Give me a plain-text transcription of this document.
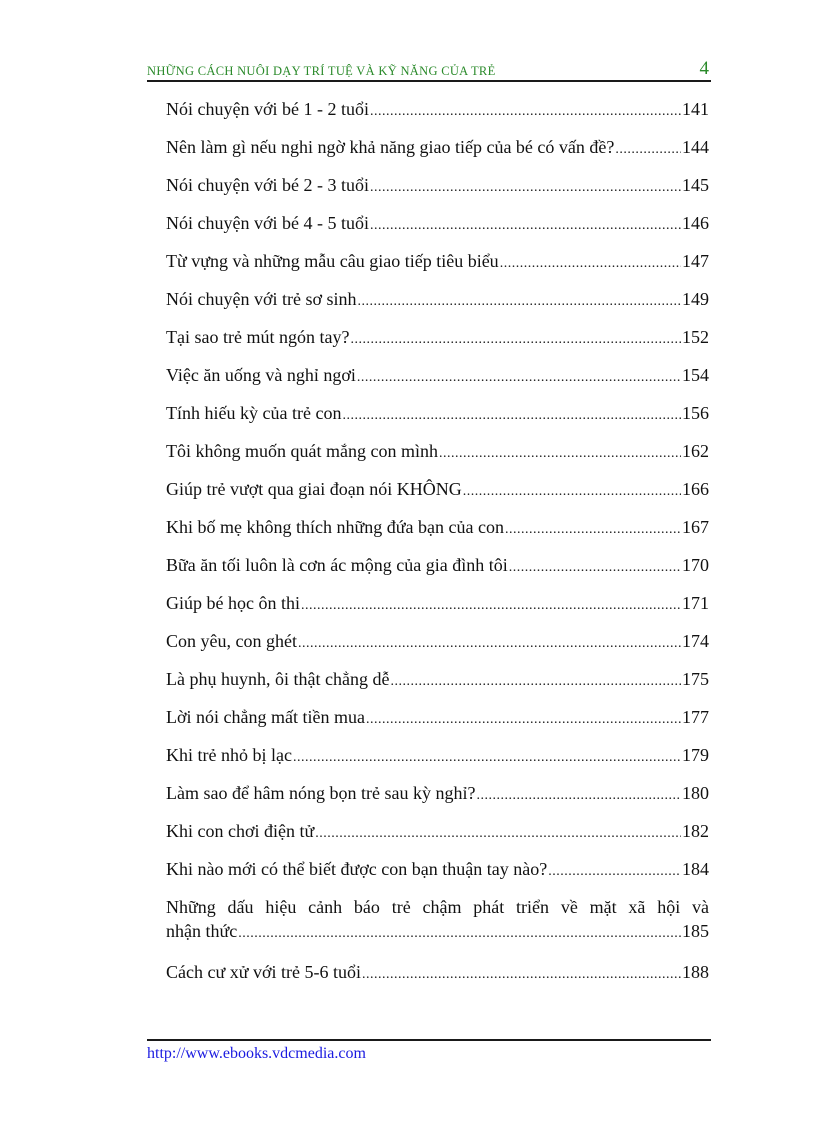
NHỮNG CÁCH NUÔI DẠY TRÍ TUỆ VÀ KỸ NĂNG CỦA TRẺ	4
Nói chuyện với bé 1 - 2 tuổi .....	141
Nên làm gì nếu nghi ngờ khả năng giao tiếp của bé có vấn đề? .....	144
Nói chuyện với bé 2 - 3 tuổi .....	145
Nói chuyện với bé 4 - 5 tuổi .....	146
Từ vựng và những mẫu câu giao tiếp tiêu biểu .....	147
Nói chuyện với trẻ sơ sinh .....	149
Tại sao trẻ mút ngón tay? .....	152
Việc ăn uống và nghỉ ngơi .....	154
Tính hiếu kỳ của trẻ con .....	156
Tôi không muốn quát mắng con mình .....	162
Giúp trẻ vượt qua giai đoạn nói KHÔNG .....	166
Khi bố mẹ không thích những đứa bạn của con .....	167
Bữa ăn tối luôn là cơn ác mộng của gia đình tôi .....	170
Giúp bé học ôn thi .....	171
Con yêu, con ghét .....	174
Là phụ huynh, ôi thật chẳng dễ .....	175
Lời nói chẳng mất tiền mua .....	177
Khi trẻ nhỏ bị lạc .....	179
Làm sao để hâm nóng bọn trẻ sau kỳ nghỉ? .....	180
Khi con chơi điện tử .....	182
Khi nào mới có thể biết được con bạn thuận tay nào? .....	184
Những dấu hiệu cảnh báo trẻ chậm phát triển về mặt xã hội và
nhận thức .....	185
Cách cư xử với trẻ 5-6 tuổi .....	188
http://www.ebooks.vdcmedia.com
